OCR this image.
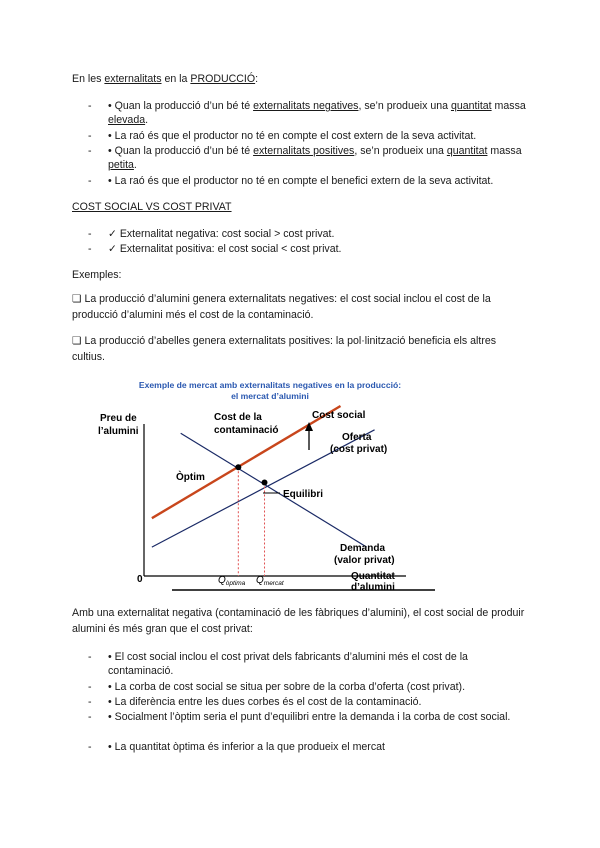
En les externalitats en la PRODUCCIÓ:
-	• Quan la producció d’un bé té externalitats negatives, se’n produeix una quantitat massa elevada.
-	• La raó és que el productor no té en compte el cost extern de la seva activitat.
-	• Quan la producció d’un bé té externalitats positives, se’n produeix una quantitat massa petita.
-	• La raó és que el productor no té en compte el benefici extern de la seva activitat.
COST SOCIAL VS COST PRIVAT
-	✓ Externalitat negativa: cost social > cost privat.
-	✓ Externalitat positiva: el cost social < cost privat.
Exemples:
❏ La producció d’alumini genera externalitats negatives: el cost social inclou el cost de la producció d’alumini més el cost de la contaminació.
❏ La producció d’abelles genera externalitats positives: la pol·linització beneficia els altres cultius.
Exemple de mercat amb externalitats negatives en la producció:
el mercat d’alumini
Preu de
l’alumini
Cost de la
contaminació
Cost social
Oferta
(cost privat)
Òptim
Equilibri
Demanda
(valor privat)
0	$Q_{òptima}$ $Q_{mercat}$
Quantitat
d’alumini
Amb una externalitat negativa (contaminació de les fàbriques d’alumini), el cost social de produir alumini és més gran que el cost privat:
-	• El cost social inclou el cost privat dels fabricants d’alumini més el cost de la contaminació.
-	• La corba de cost social se situa per sobre de la corba d’oferta (cost privat).
-	• La diferència entre les dues corbes és el cost de la contaminació.
-	• Socialment l’òptim seria el punt d’equilibri entre la demanda i la corba de cost social.
-	• La quantitat òptima és inferior a la que produeix el mercat
